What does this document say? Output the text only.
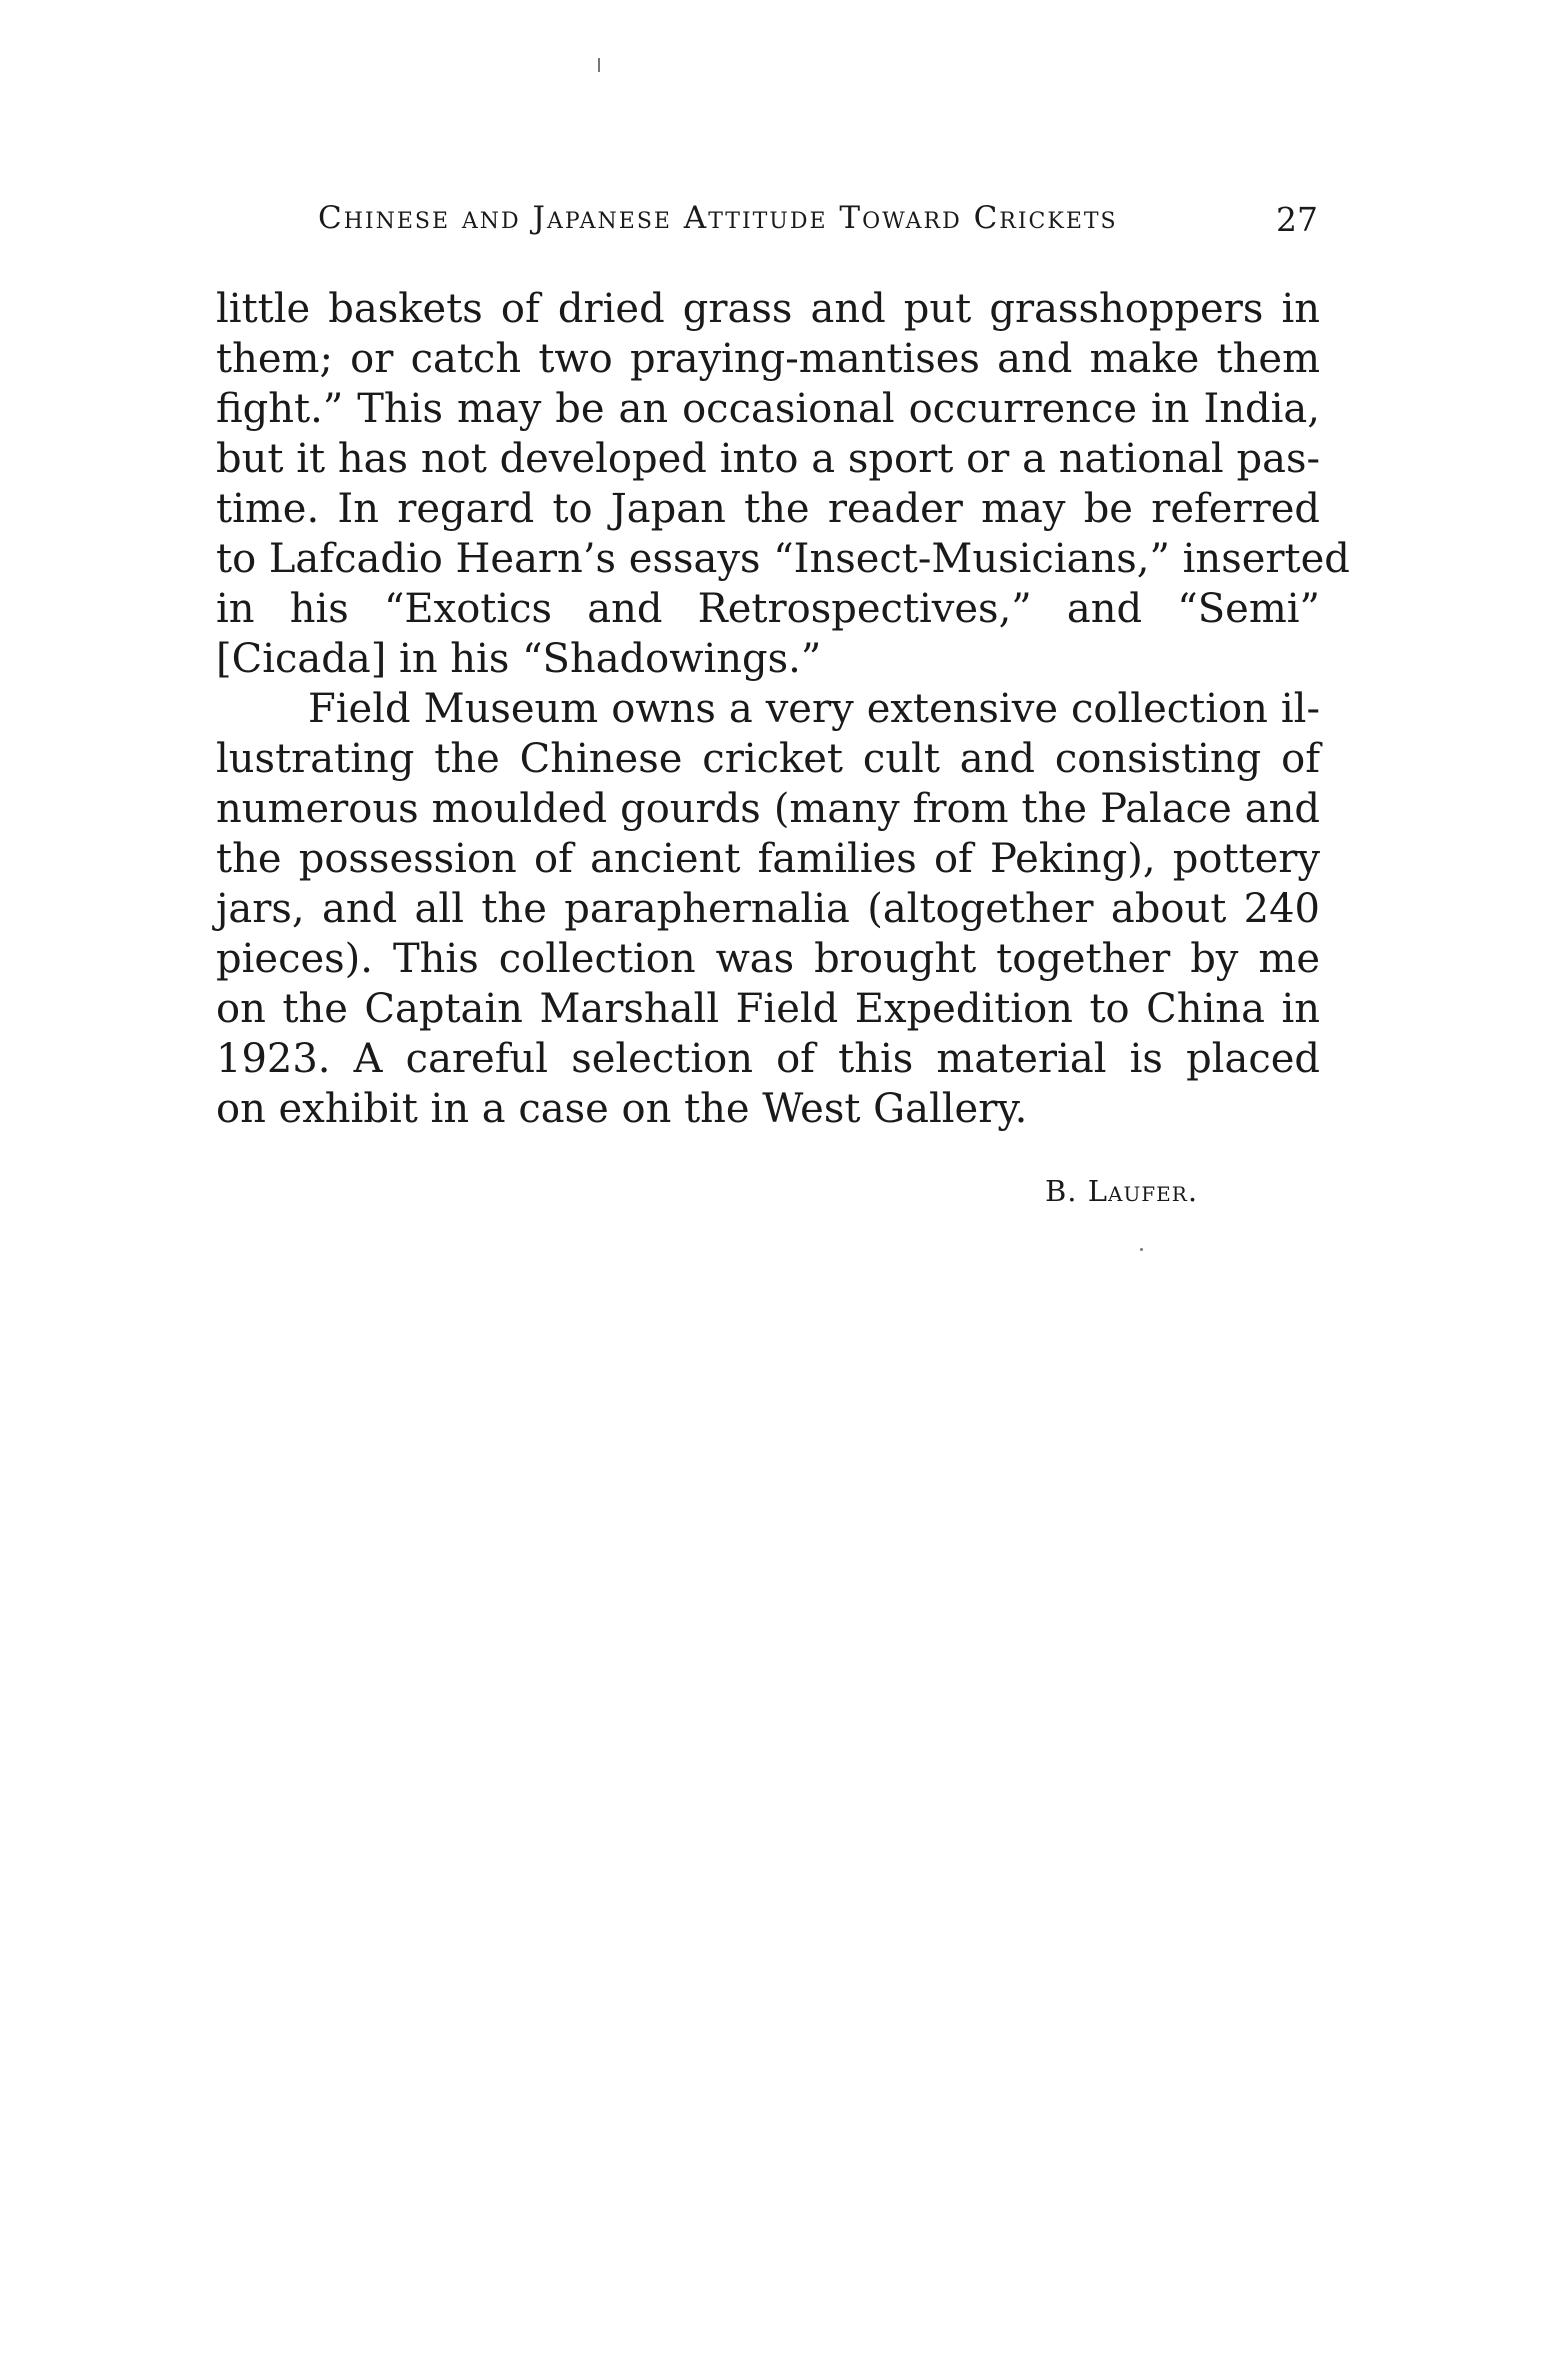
Chinese and Japanese Attitude Toward Crickets	27
little baskets of dried grass and put grasshoppers in
them; or catch two praying-mantises and make them
fight.” This may be an occasional occurrence in India,
but it has not developed into a sport or a national pas-
time. In regard to Japan the reader may be referred
to Lafcadio Hearn’s essays “Insect-Musicians,” inserted
in his “Exotics and Retrospectives,” and “Semi”
[Cicada] in his “Shadowings.”
Field Museum owns a very extensive collection il-
lustrating the Chinese cricket cult and consisting of
numerous moulded gourds (many from the Palace and
the possession of ancient families of Peking), pottery
jars, and all the paraphernalia (altogether about 240
pieces). This collection was brought together by me
on the Captain Marshall Field Expedition to China in
1923. A careful selection of this material is placed
on exhibit in a case on the West Gallery.
B. Laufer.
